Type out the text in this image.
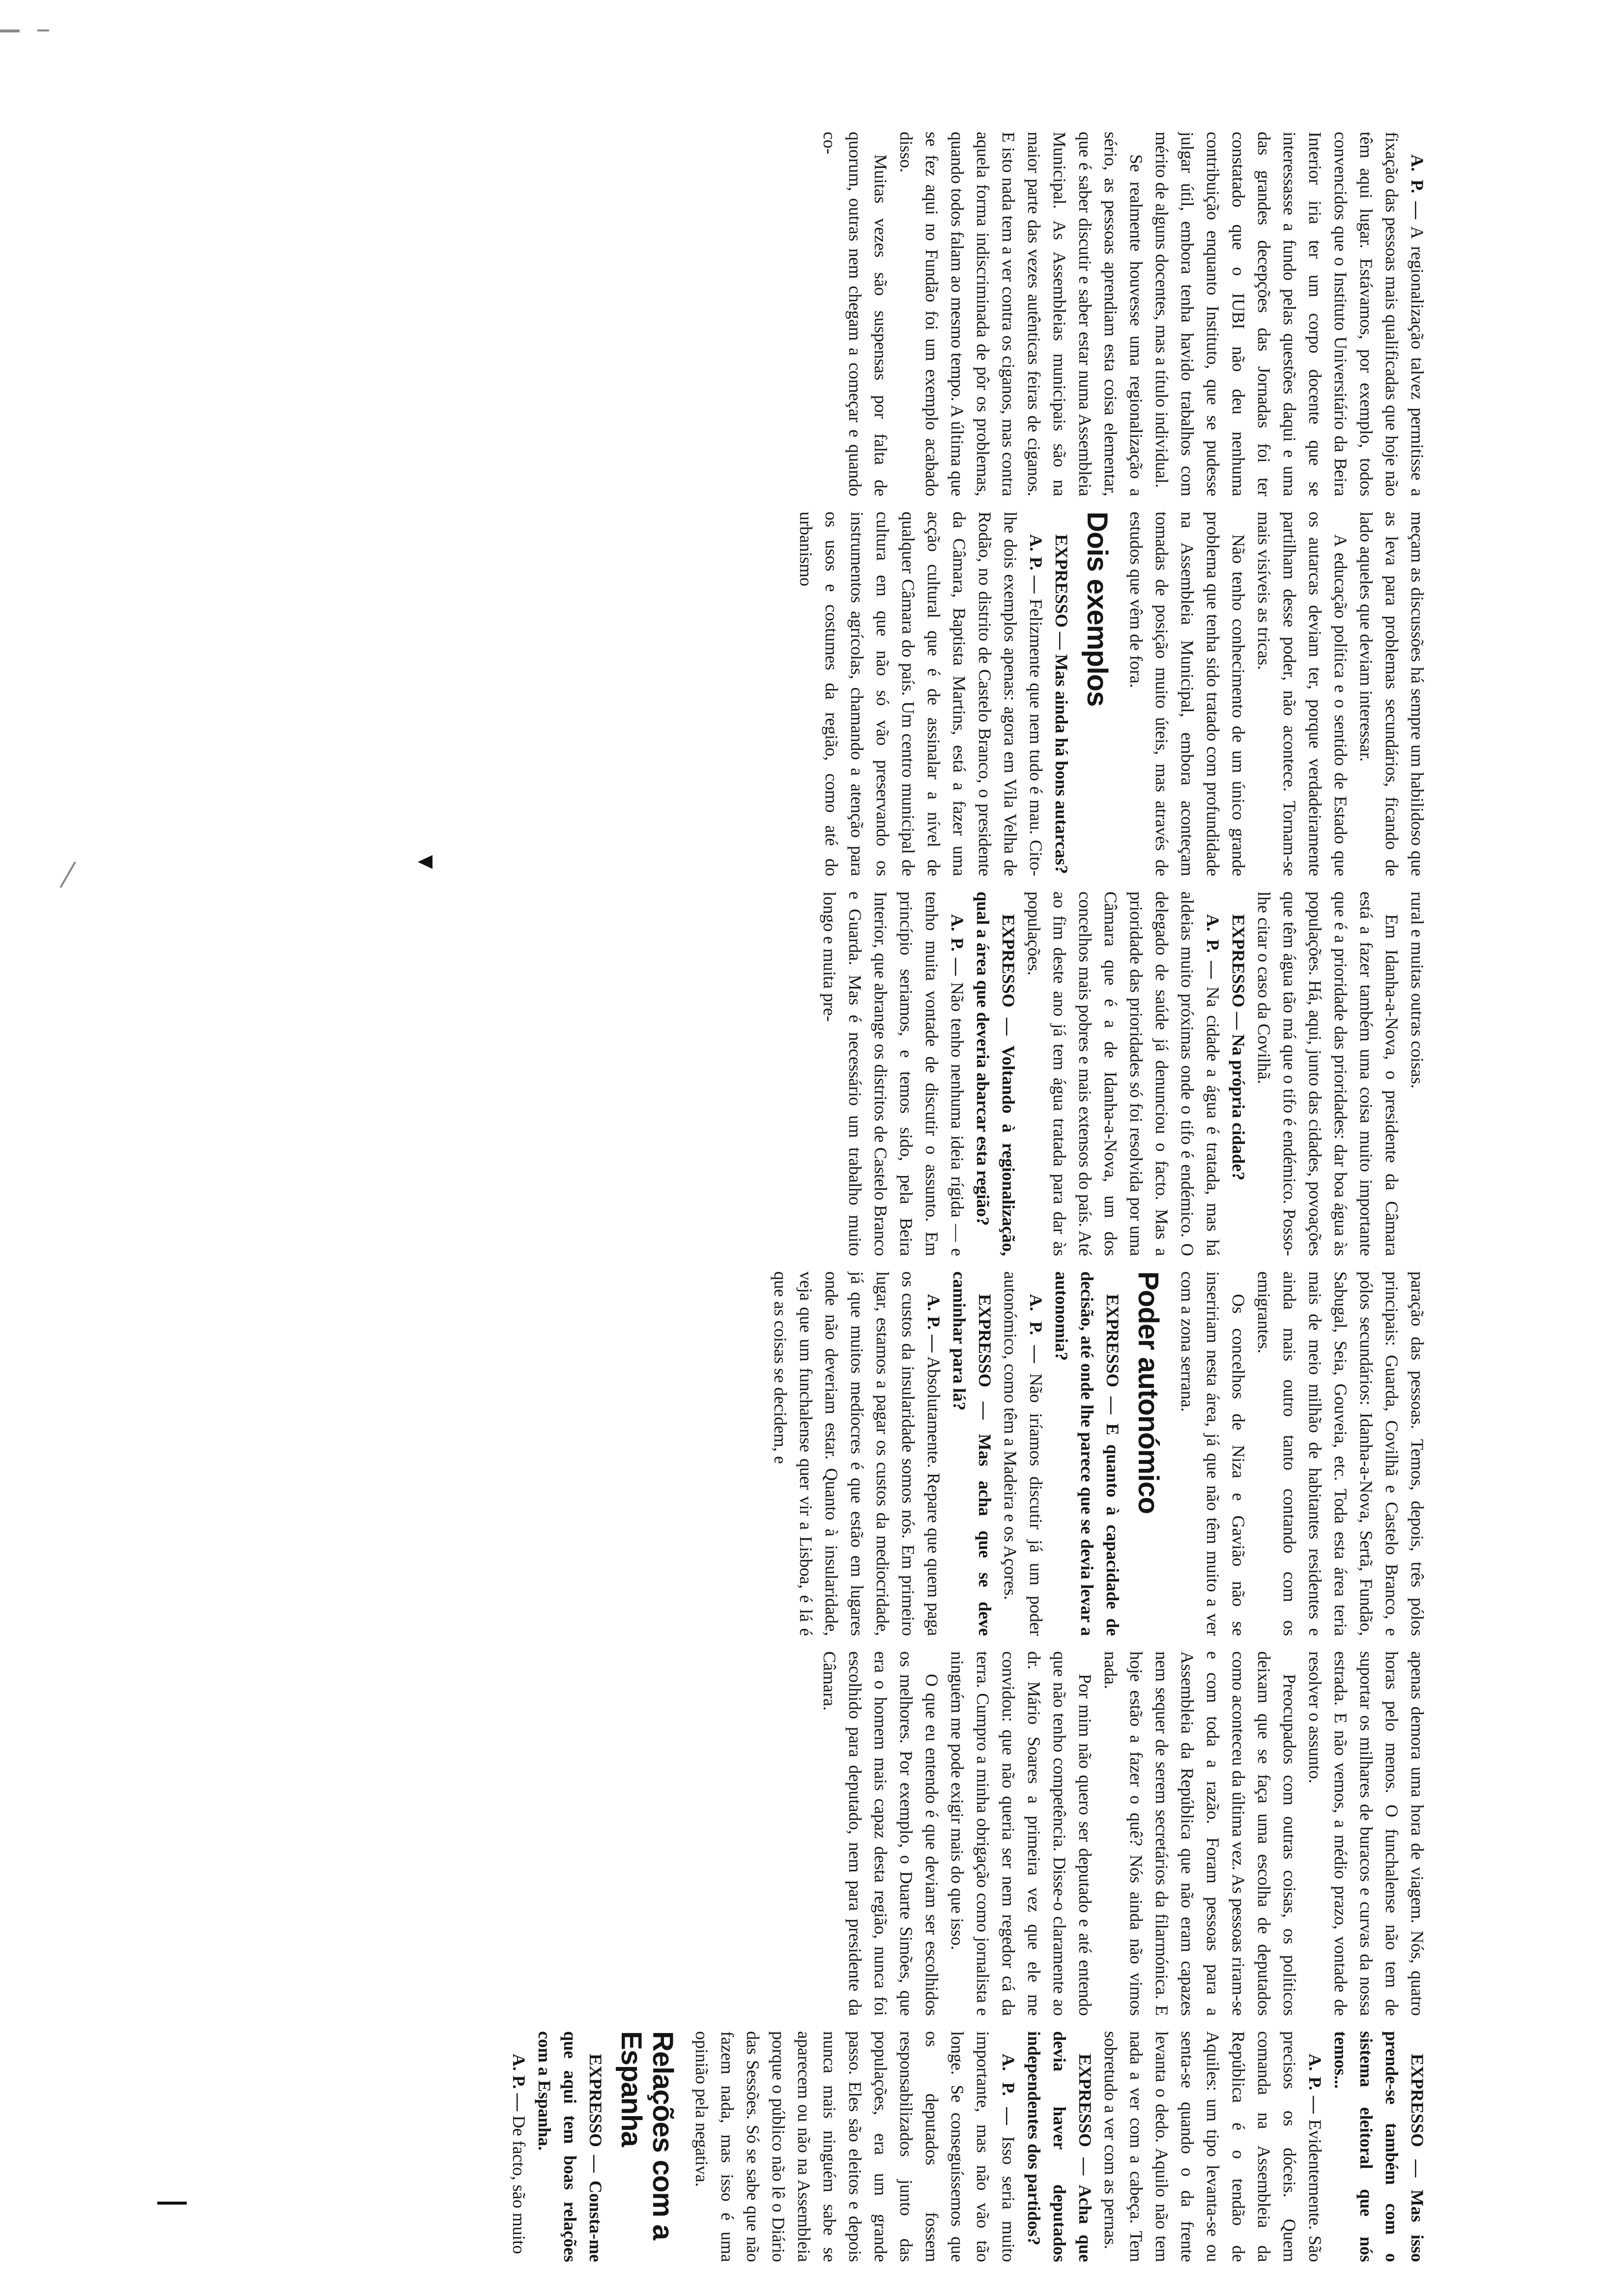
A. P. — A regionalização talvez permitisse a fixação das pessoas mais qualificadas que hoje não têm aqui lugar. Estávamos, por exemplo, todos convencidos que o Instituto Universitário da Beira Interior iria ter um corpo docente que se interessasse a fundo pelas questões daqui e uma das grandes decepções das Jornadas foi ter constatado que o IUBI não deu nenhuma contribuição enquanto Instituto, que se pudesse julgar útil, embora tenha havido trabalhos com mérito de alguns docentes, mas a título individual.

Se realmente houvesse uma regionalização a sério, as pessoas aprendiam esta coisa elementar, que é saber discutir e saber estar numa Assembleia Municipal. As Assembleias municipais são na maior parte das vezes autênticas feiras de ciganos. E isto nada tem a ver contra os ciganos, mas contra aquela forma indiscriminada de pôr os problemas, quando todos falam ao mesmo tempo. A última que se fez aqui no Fundão foi um exemplo acabado disso.

Muitas vezes são suspensas por falta de quorum, outras nem chegam a começar e quando co-

meçam as discussões há sempre um habilidoso que as leva para problemas secundários, ficando de lado aqueles que deviam interessar.

A educação política e o sentido de Estado que os autarcas deviam ter, porque verdadeiramente partilham desse poder, não acontece. Tornam-se mais visíveis as tricas.

Não tenho conhecimento de um único grande problema que tenha sido tratado com profundidade na Assembleia Municipal, embora aconteçam tomadas de posição muito úteis, mas através de estudos que vêm de fora.

Dois exemplos

EXPRESSO — Mas ainda há bons autarcas?

A. P. — Felizmente que nem tudo é mau. Cito-lhe dois exemplos apenas: agora em Vila Velha de Rodão, no distrito de Castelo Branco, o presidente da Câmara, Baptista Martins, está a fazer uma acção cultural que é de assinalar a nível de qualquer Câmara do país. Um centro municipal de cultura em que não só vão preservando os instrumentos agrícolas, chamando a atenção para os usos e costumes da região, como até do urbanismo

rural e muitas outras coisas.

Em Idanha-a-Nova, o presidente da Câmara está a fazer também uma coisa muito importante que é a prioridade das prioridades: dar boa água às populações. Há, aqui, junto das cidades, povoações que têm água tão má que o tifo é endémico. Posso-lhe citar o caso da Covilhã.

EXPRESSO — Na própria cidade?

A. P. — Na cidade a água é tratada, mas há aldeias muito próximas onde o tifo é endémico. O delegado de saúde já denunciou o facto. Mas a prioridade das prioridades só foi resolvida por uma Câmara que é a de Idanha-a-Nova, um dos concelhos mais pobres e mais extensos do país. Até ao fim deste ano já tem água tratada para dar às populações.

EXPRESSO — Voltando à regionalização, qual a área que deveria abarcar esta região?

A. P. — Não tenho nenhuma ideia rígida — e tenho muita vontade de discutir o assunto. Em princípio seriamos, e temos sido, pela Beira Interior, que abrange os distritos de Castelo Branco e Guarda. Mas é necessário um trabalho muito longo e muita pre-

paração das pessoas. Temos, depois, três pólos principais: Guarda, Covilhã e Castelo Branco, e pólos secundários: Idanha-a-Nova, Sertã, Fundão, Sabugal, Seia, Gouveia, etc. Toda esta área teria mais de meio milhão de habitantes residentes e ainda mais outro tanto contando com os emigrantes.

Os concelhos de Niza e Gavião não se inseririam nesta área, já que não têm muito a ver com a zona serrana.

Poder autonómico

EXPRESSO — E quanto à capacidade de decisão, até onde lhe parece que se devia levar a autonomia?

A. P. — Não iríamos discutir já um poder autonómico, como têm a Madeira e os Açores.

EXPRESSO — Mas acha que se deve caminhar para lá?

A. P. — Absolutamente. Repare que quem paga os custos da insularidade somos nós. Em primeiro lugar, estamos a pagar os custos da mediocridade, já que muitos medíocres é que estão em lugares onde não deveriam estar. Quanto à insularidade, veja que um funchalense quer vir a Lisboa, é lá é que as coisas se decidem, e

apenas demora uma hora de viagem. Nós, quatro horas pelo menos. O funchalense não tem de suportar os milhares de buracos e curvas da nossa estrada. E não vemos, a médio prazo, vontade de resolver o assunto.

Preocupados com outras coisas, os políticos deixam que se faça uma escolha de deputados como aconteceu da última vez. As pessoas riram-se e com toda a razão. Foram pessoas para a Assembleia da República que não eram capazes nem sequer de serem secretários da filarmónica. E hoje estão a fazer o quê? Nós ainda não vimos nada.

Por mim não quero ser deputado e até entendo que não tenho competência. Disse-o claramente ao dr. Mário Soares a primeira vez que ele me convidou: que não queria ser nem regedor cá da terra. Cumpro a minha obrigação como jornalista e ninguém me pode exigir mais do que isso.

O que eu entendo é que deviam ser escolhidos os melhores. Por exemplo, o Duarte Simões, que era o homem mais capaz desta região, nunca foi escolhido para deputado, nem para presidente da Câmara.

EXPRESSO — Mas isso prende-se também com o sistema eleitoral que nós temos...

A. P. — Evidentemente. São precisos os dóceis. Quem comanda na Assembleia da República é o tendão de Aquiles: um tipo levanta-se ou senta-se quando o da frente levanta o dedo. Aquilo não tem nada a ver com a cabeça. Tem sobretudo a ver com as pernas.

EXPRESSO — Acha que devia haver deputados independentes dos partidos?

A. P. — Isso seria muito importante, mas não vão tão longe. Se conseguíssemos que os deputados fossem responsabilizados junto das populações, era um grande passo. Eles são eleitos e depois nunca mais ninguém sabe se aparecem ou não na Assembleia porque o público não lê o Diário das Sessões. Só se sabe que não fazem nada, mas isso é uma opinião pela negativa.

Relações com a Espanha

EXPRESSO — Consta-me que aqui tem boas relações com a Espanha.

A. P. — De facto, são muito
